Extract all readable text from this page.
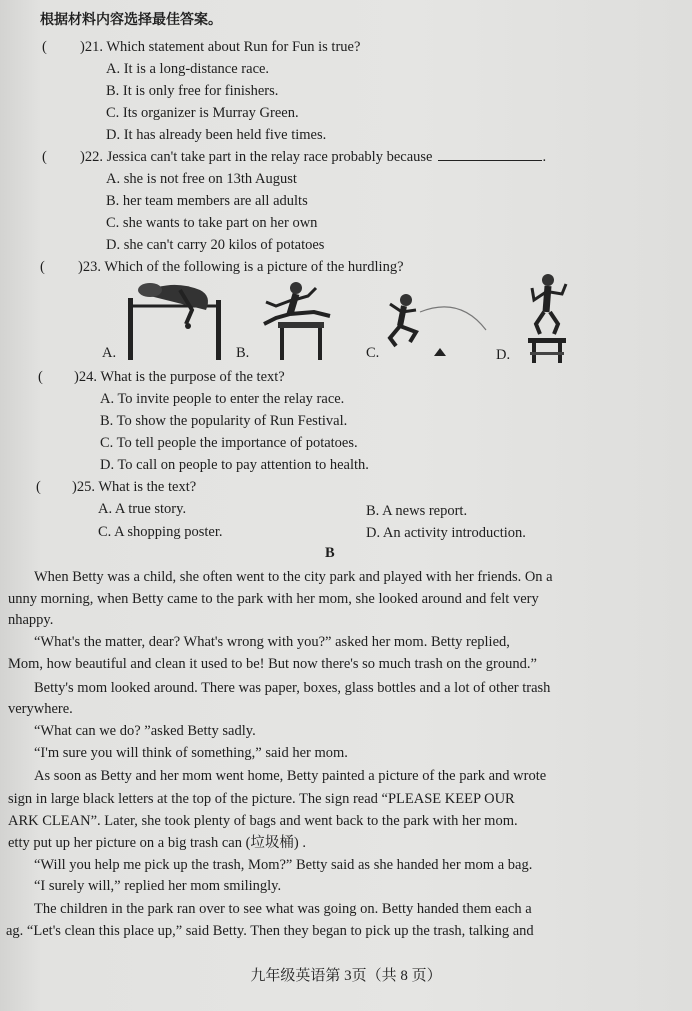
根据材料内容选择最佳答案。
( )21. Which statement about Run for Fun is true?
A. It is a long-distance race.
B. It is only free for finishers.
C. Its organizer is Murray Green.
D. It has already been held five times.
( )22. Jessica can't take part in the relay race probably because	.
A. she is not free on 13th August
B. her team members are all adults
C. she wants to take part on her own
D. she can't carry 20 kilos of potatoes
( )23. Which of the following is a picture of the hurdling?
A.	B.	C.	D.
( )24. What is the purpose of the text?
A. To invite people to enter the relay race.
B. To show the popularity of Run Festival.
C. To tell people the importance of potatoes.
D. To call on people to pay attention to health.
( )25. What is the text?
A. A true story.	B. A news report.
C. A shopping poster.	D. An activity introduction.
B
When Betty was a child, she often went to the city park and played with her friends. On a
unny morning, when Betty came to the park with her mom, she looked around and felt very
nhappy.
“What's the matter, dear? What's wrong with you?” asked her mom. Betty replied,
Mom, how beautiful and clean it used to be! But now there's so much trash on the ground.”
Betty's mom looked around. There was paper, boxes, glass bottles and a lot of other trash
verywhere.
“What can we do? ”asked Betty sadly.
“I'm sure you will think of something,” said her mom.
As soon as Betty and her mom went home, Betty painted a picture of the park and wrote
sign in large black letters at the top of the picture. The sign read “PLEASE KEEP OUR
ARK CLEAN”. Later, she took plenty of bags and went back to the park with her mom.
etty put up her picture on a big trash can (垃圾桶) .
“Will you help me pick up the trash, Mom?” Betty said as she handed her mom a bag.
“I surely will,” replied her mom smilingly.
The children in the park ran over to see what was going on. Betty handed them each a
ag. “Let's clean this place up,” said Betty. Then they began to pick up the trash, talking and
九年级英语第 3页（共 8 页）
